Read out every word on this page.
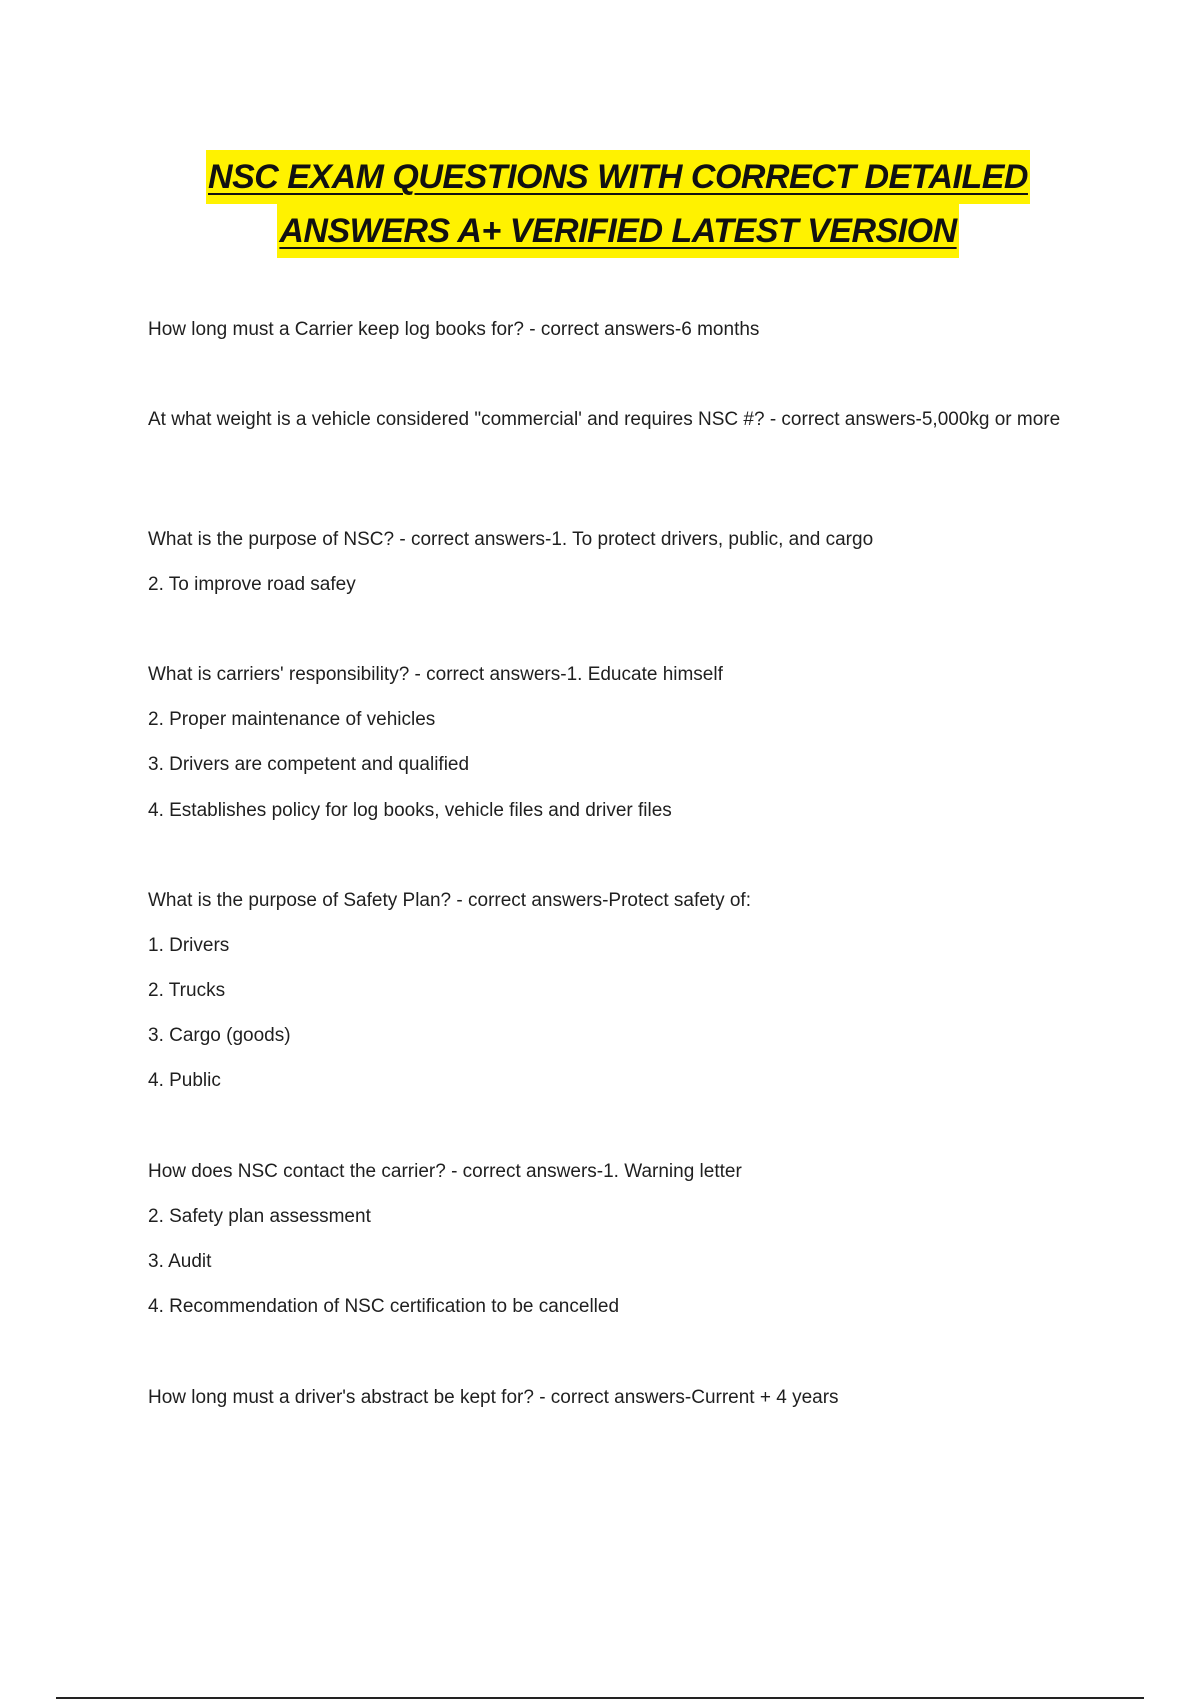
NSC EXAM QUESTIONS WITH CORRECT DETAILED
ANSWERS A+ VERIFIED LATEST VERSION
How long must a Carrier keep log books for? - correct answers-6 months
At what weight is a vehicle considered "commercial' and requires NSC #? - correct answers-5,000kg or more
What is the purpose of NSC? - correct answers-1. To protect drivers, public, and cargo
2. To improve road safey
What is carriers' responsibility? - correct answers-1. Educate himself
2. Proper maintenance of vehicles
3. Drivers are competent and qualified
4. Establishes policy for log books, vehicle files and driver files
What is the purpose of Safety Plan? - correct answers-Protect safety of:
1. Drivers
2. Trucks
3. Cargo (goods)
4. Public
How does NSC contact the carrier? - correct answers-1. Warning letter
2. Safety plan assessment
3. Audit
4. Recommendation of NSC certification to be cancelled
How long must a driver's abstract be kept for? - correct answers-Current + 4 years
